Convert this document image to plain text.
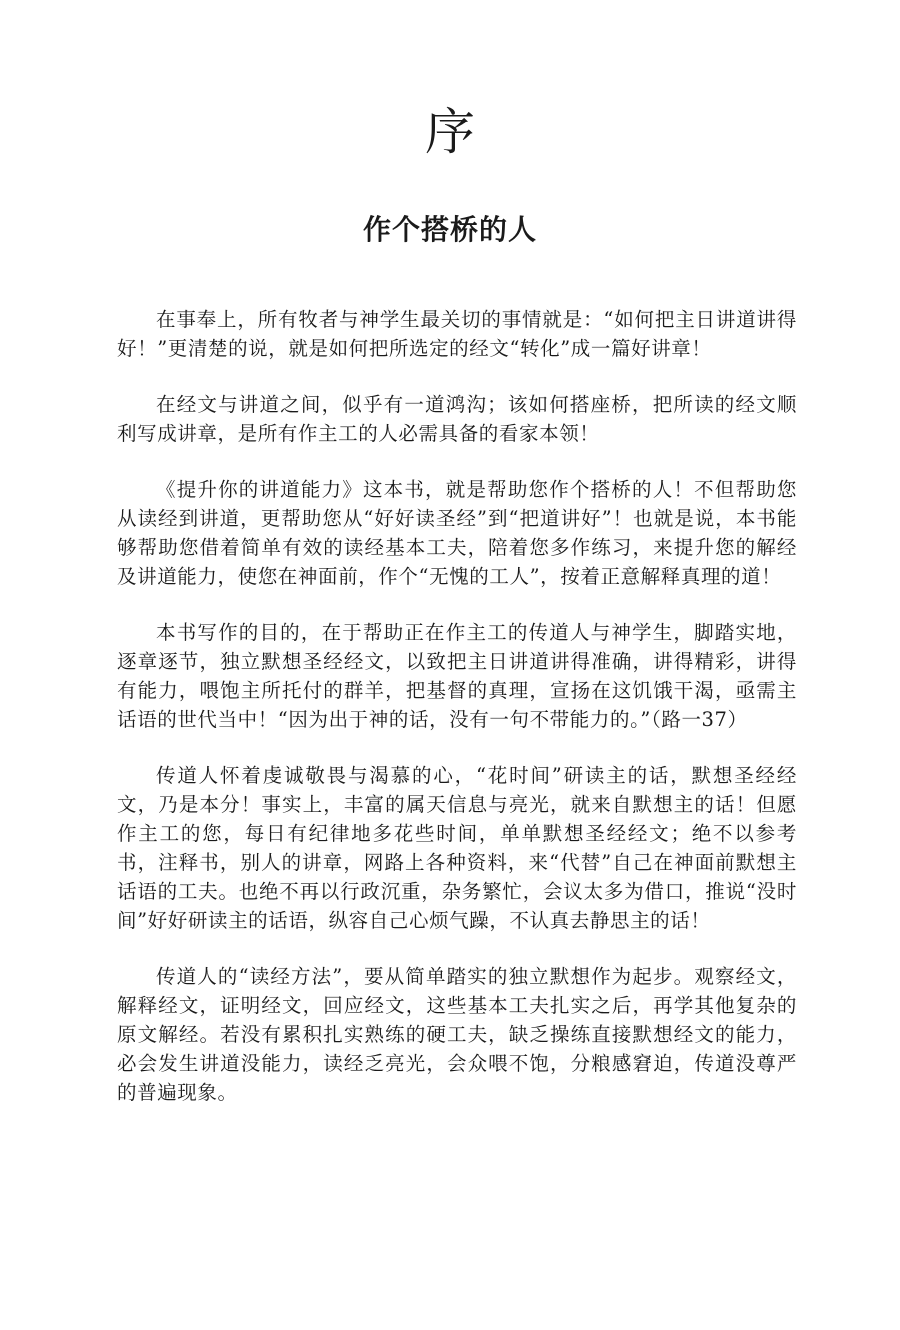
序
作个搭桥的人

在事奉上，所有牧者与神学生最关切的事情就是：“如何把主日讲道讲得好！”更清楚的说，就是如何把所选定的经文“转化”成一篇好讲章！

在经文与讲道之间，似乎有一道鸿沟；该如何搭座桥，把所读的经文顺利写成讲章，是所有作主工的人必需具备的看家本领！

《提升你的讲道能力》这本书，就是帮助您作个搭桥的人！不但帮助您从读经到讲道，更帮助您从“好好读圣经”到“把道讲好”！也就是说，本书能够帮助您借着简单有效的读经基本工夫，陪着您多作练习，来提升您的解经及讲道能力，使您在神面前，作个“无愧的工人”，按着正意解释真理的道！

本书写作的目的，在于帮助正在作主工的传道人与神学生，脚踏实地，逐章逐节，独立默想圣经经文，以致把主日讲道讲得准确，讲得精彩，讲得有能力，喂饱主所托付的群羊，把基督的真理，宣扬在这饥饿干渴，亟需主话语的世代当中！“因为出于神的话，没有一句不带能力的。”（路一37）

传道人怀着虔诚敬畏与渴慕的心，“花时间”研读主的话，默想圣经经文，乃是本分！事实上，丰富的属天信息与亮光，就来自默想主的话！但愿作主工的您，每日有纪律地多花些时间，单单默想圣经经文；绝不以参考书，注释书，别人的讲章，网路上各种资料，来“代替”自己在神面前默想主话语的工夫。也绝不再以行政沉重，杂务繁忙，会议太多为借口，推说“没时间”好好研读主的话语，纵容自己心烦气躁，不认真去静思主的话！

传道人的“读经方法”，要从简单踏实的独立默想作为起步。观察经文，解释经文，证明经文，回应经文，这些基本工夫扎实之后，再学其他复杂的原文解经。若没有累积扎实熟练的硬工夫，缺乏操练直接默想经文的能力，必会发生讲道没能力，读经乏亮光，会众喂不饱，分粮感窘迫，传道没尊严的普遍现象。
